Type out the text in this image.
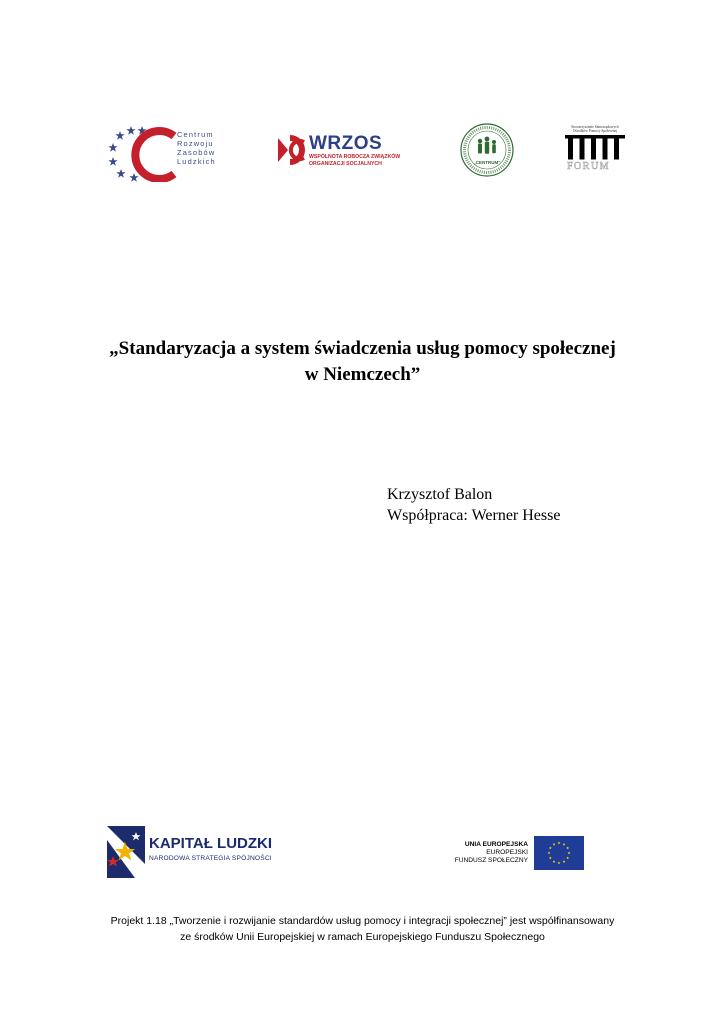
Centrum
Rozwoju
Zasobów
Ludzkich
WRZOS
WSPÓLNOTA ROBOCZA ZWIĄZKÓW
ORGANIZACJI SOCJALNYCH	„CENTRUM”
Stowarzyszenie Samorządowych
Ośrodków Pomocy Społecznej
FORUM
„Standaryzacja a system świadczenia usług pomocy społecznej
w Niemczech”
Krzysztof Balon
Współpraca: Werner Hesse
KAPITAŁ LUDZKI
NARODOWA STRATEGIA SPÓJNOŚCI
UNIA EUROPEJSKA
EUROPEJSKI
FUNDUSZ SPOŁECZNY
Projekt 1.18 „Tworzenie i rozwijanie standardów usług pomocy i integracji społecznej” jest współfinansowany
ze środków Unii Europejskiej w ramach Europejskiego Funduszu Społecznego
